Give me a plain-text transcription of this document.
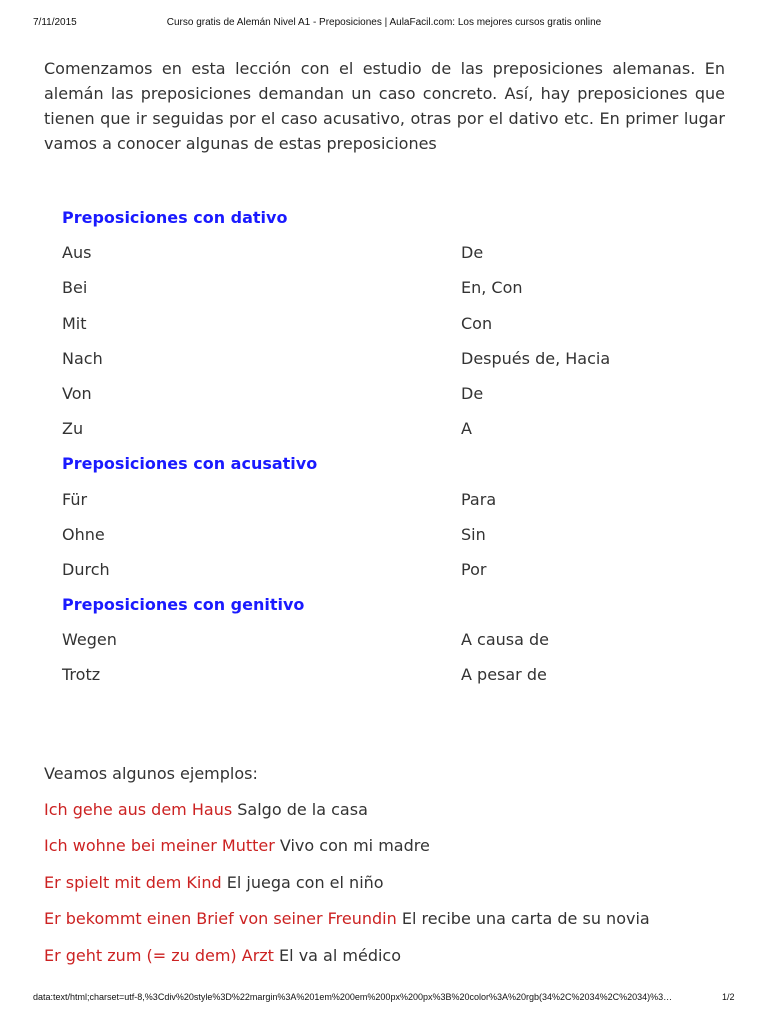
7/11/2015	Curso gratis de Alemán Nivel A1 - Preposiciones | AulaFacil.com: Los mejores cursos gratis online

Comenzamos en esta lección con el estudio de las preposiciones alemanas. En alemán las preposiciones demandan un caso concreto. Así, hay preposiciones que tienen que ir seguidas por el caso acusativo, otras por el dativo etc. En primer lugar vamos a conocer algunas de estas preposiciones

Preposiciones con dativo
Aus	De
Bei	En, Con
Mit	Con
Nach	Después de, Hacia
Von	De
Zu	A
Preposiciones con acusativo
Für	Para
Ohne	Sin
Durch	Por
Preposiciones con genitivo
Wegen	A causa de
Trotz	A pesar de
Veamos algunos ejemplos:
Ich gehe aus dem Haus Salgo de la casa
Ich wohne bei meiner Mutter Vivo con mi madre
Er spielt mit dem Kind El juega con el niño
Er bekommt einen Brief von seiner Freundin El recibe una carta de su novia
Er geht zum (= zu dem) Arzt El va al médico
data:text/html;charset=utf-8,%3Cdiv%20style%3D%22margin%3A%201em%200em%200px%200px%3B%20color%3A%20rgb(34%2C%2034%2C%2034)%3…	1/2
